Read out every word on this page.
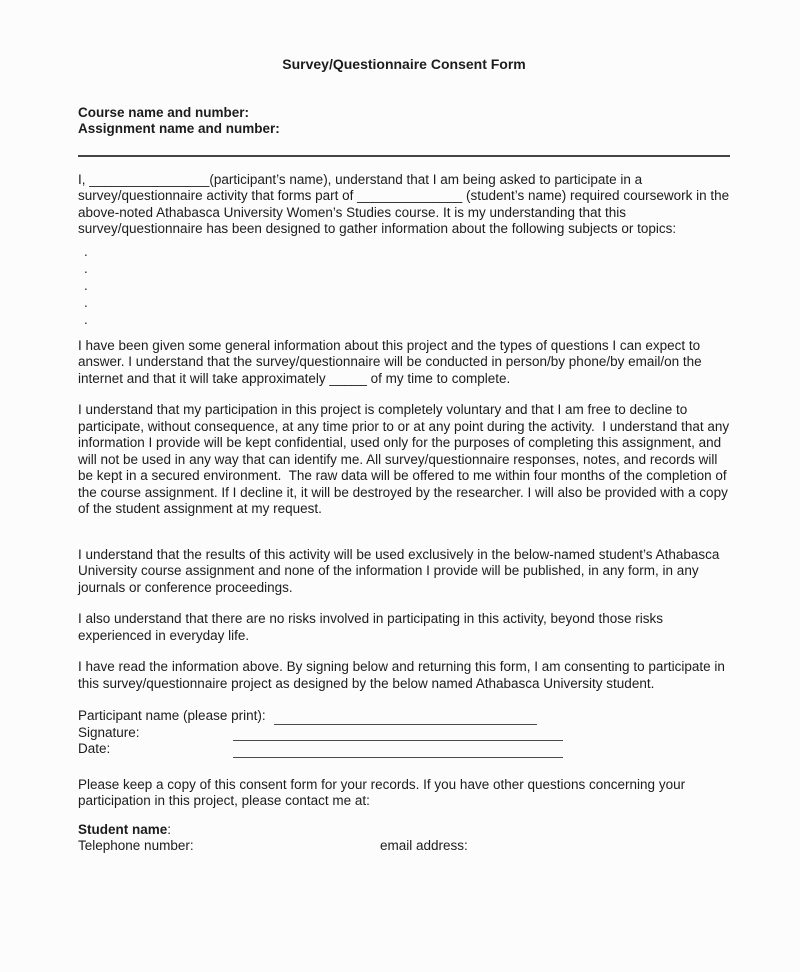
Survey/Questionnaire Consent Form

Course name and number:

Assignment name and number:

I, ________________(participant’s name), understand that I am being asked to participate in a survey/questionnaire activity that forms part of ______________ (student’s name) required coursework in the above-noted Athabasca University Women’s Studies course. It is my understanding that this survey/questionnaire has been designed to gather information about the following subjects or topics:

.
.
.
.
.

I have been given some general information about this project and the types of questions I can expect to answer. I understand that the survey/questionnaire will be conducted in person/by phone/by email/on the internet and that it will take approximately _____ of my time to complete.

I understand that my participation in this project is completely voluntary and that I am free to decline to participate, without consequence, at any time prior to or at any point during the activity.  I understand that any information I provide will be kept confidential, used only for the purposes of completing this assignment, and will not be used in any way that can identify me. All survey/questionnaire responses, notes, and records will be kept in a secured environment.  The raw data will be offered to me within four months of the completion of the course assignment. If I decline it, it will be destroyed by the researcher. I will also be provided with a copy of the student assignment at my request.

I understand that the results of this activity will be used exclusively in the below-named student’s Athabasca University course assignment and none of the information I provide will be published, in any form, in any journals or conference proceedings.

I also understand that there are no risks involved in participating in this activity, beyond those risks experienced in everyday life.

I have read the information above. By signing below and returning this form, I am consenting to participate in this survey/questionnaire project as designed by the below named Athabasca University student.

Participant name (please print):
Signature:
Date:

Please keep a copy of this consent form for your records. If you have other questions concerning your participation in this project, please contact me at:

Student name:
Telephone number:	email address:
